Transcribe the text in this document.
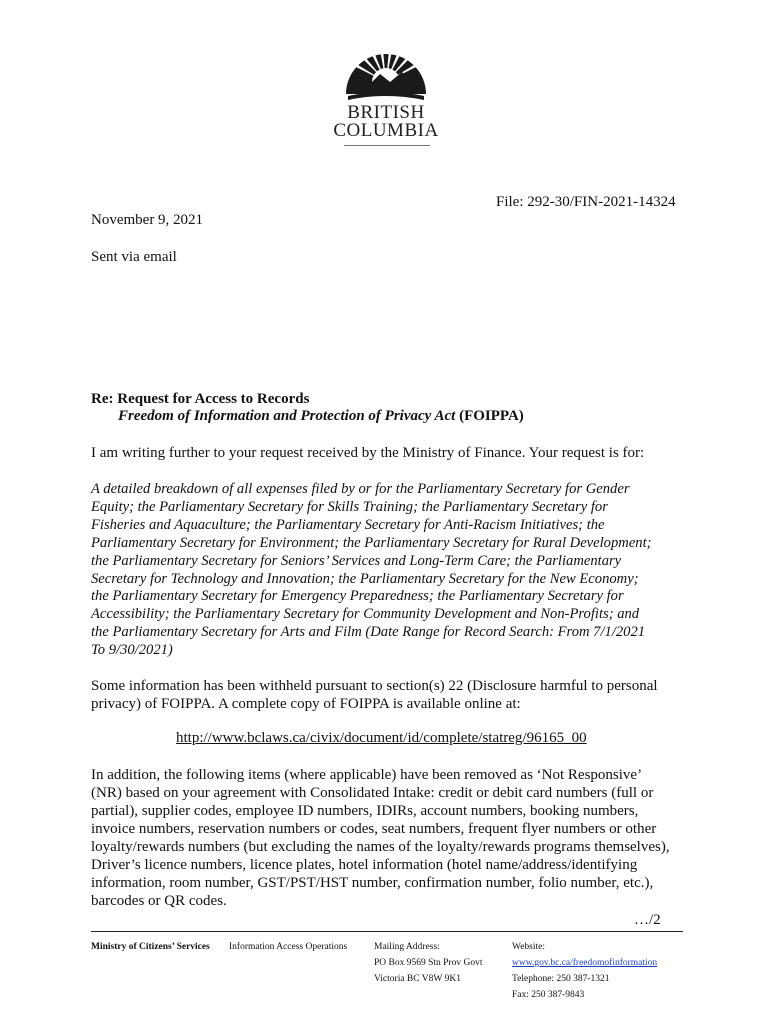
BRITISH
COLUMBIA
File: 292-30/FIN-2021-14324
November 9, 2021
Sent via email
Re: Request for Access to Records
Freedom of Information and Protection of Privacy Act (FOIPPA)
I am writing further to your request received by the Ministry of Finance. Your request is for:
A detailed breakdown of all expenses filed by or for the Parliamentary Secretary for Gender
Equity; the Parliamentary Secretary for Skills Training; the Parliamentary Secretary for
Fisheries and Aquaculture; the Parliamentary Secretary for Anti-Racism Initiatives; the
Parliamentary Secretary for Environment; the Parliamentary Secretary for Rural Development;
the Parliamentary Secretary for Seniors’ Services and Long-Term Care; the Parliamentary
Secretary for Technology and Innovation; the Parliamentary Secretary for the New Economy;
the Parliamentary Secretary for Emergency Preparedness; the Parliamentary Secretary for
Accessibility; the Parliamentary Secretary for Community Development and Non-Profits; and
the Parliamentary Secretary for Arts and Film (Date Range for Record Search: From 7/1/2021
To 9/30/2021)
Some information has been withheld pursuant to section(s) 22 (Disclosure harmful to personal
privacy) of FOIPPA. A complete copy of FOIPPA is available online at:
http://www.bclaws.ca/civix/document/id/complete/statreg/96165_00
In addition, the following items (where applicable) have been removed as ‘Not Responsive’
(NR) based on your agreement with Consolidated Intake: credit or debit card numbers (full or
partial), supplier codes, employee ID numbers, IDIRs, account numbers, booking numbers,
invoice numbers, reservation numbers or codes, seat numbers, frequent flyer numbers or other
loyalty/rewards numbers (but excluding the names of the loyalty/rewards programs themselves),
Driver’s licence numbers, licence plates, hotel information (hotel name/address/identifying
information, room number, GST/PST/HST number, confirmation number, folio number, etc.),
barcodes or QR codes.
…/2
Ministry of Citizens’ Services Information Access Operations	Mailing Address:
PO Box 9569 Stn Prov Govt
Victoria BC V8W 9K1
Website:
www.gov.bc.ca/freedomofinformation
Telephone: 250 387-1321
Fax: 250 387-9843
